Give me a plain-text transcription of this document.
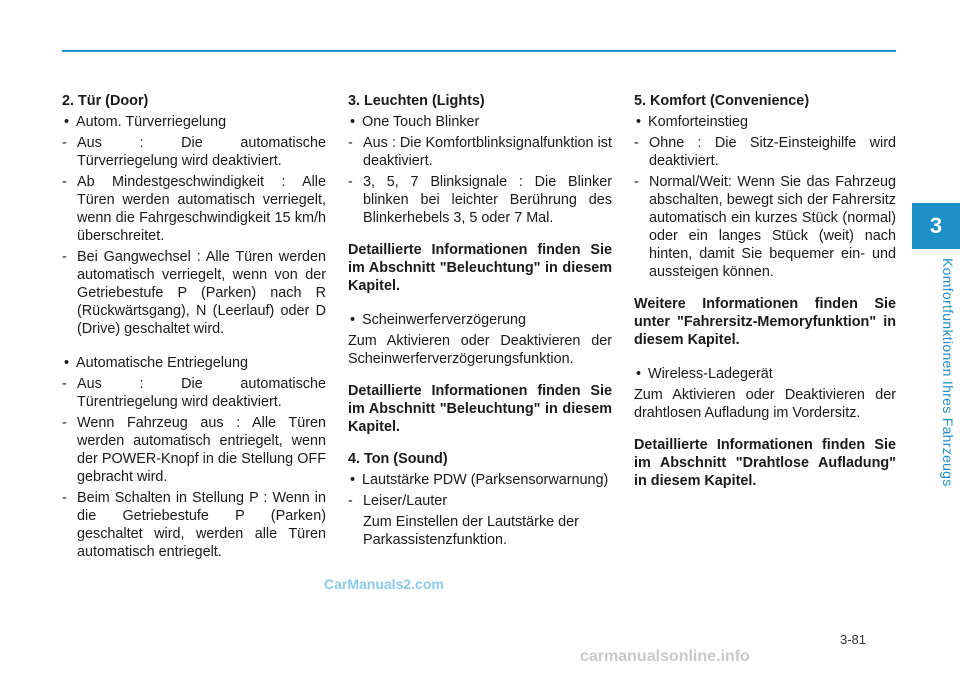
3
Komfortfunktionen Ihres Fahrzeugs
2. Tür (Door)
• Autom. Türverriegelung
- Aus : Die automatische Türverriegelung wird deaktiviert.
- Ab Mindestgeschwindigkeit : Alle Türen werden automatisch verriegelt, wenn die Fahrgeschwindigkeit 15 km/h überschreitet.
- Bei Gangwechsel : Alle Türen werden automatisch verriegelt, wenn von der Getriebestufe P (Parken) nach R (Rückwärtsgang), N (Leerlauf) oder D (Drive) geschaltet wird.
• Automatische Entriegelung
- Aus : Die automatische Türentriegelung wird deaktiviert.
- Wenn Fahrzeug aus : Alle Türen werden automatisch entriegelt, wenn der POWER-Knopf in die Stellung OFF gebracht wird.
- Beim Schalten in Stellung P : Wenn in die Getriebestufe P (Parken) geschaltet wird, werden alle Türen automatisch entriegelt.
3. Leuchten (Lights)
• One Touch Blinker
- Aus : Die Komfortblinksignalfunktion ist deaktiviert.
- 3, 5, 7 Blinksignale : Die Blinker blinken bei leichter Berührung des Blinkerhebels 3, 5 oder 7 Mal.
Detaillierte Informationen finden Sie im Abschnitt "Beleuchtung" in diesem Kapitel.
• Scheinwerferverzögerung
Zum Aktivieren oder Deaktivieren der Scheinwerferverzögerungsfunktion.
Detaillierte Informationen finden Sie im Abschnitt "Beleuchtung" in diesem Kapitel.
4. Ton (Sound)
• Lautstärke PDW (Parksensorwarnung)
- Leiser/Lauter
Zum Einstellen der Lautstärke der Parkassistenzfunktion.
5. Komfort (Convenience)
• Komforteinstieg
- Ohne : Die Sitz-Einsteighilfe wird deaktiviert.
- Normal/Weit: Wenn Sie das Fahrzeug abschalten, bewegt sich der Fahrersitz automatisch ein kurzes Stück (normal) oder ein langes Stück (weit) nach hinten, damit Sie bequemer ein- und aussteigen können.
Weitere Informationen finden Sie unter "Fahrersitz-Memoryfunktion" in diesem Kapitel.
• Wireless-Ladegerät
Zum Aktivieren oder Deaktivieren der drahtlosen Aufladung im Vordersitz.
Detaillierte Informationen finden Sie im Abschnitt "Drahtlose Aufladung" in diesem Kapitel.
CarManuals2.com
3-81
carmanualsonline.info
